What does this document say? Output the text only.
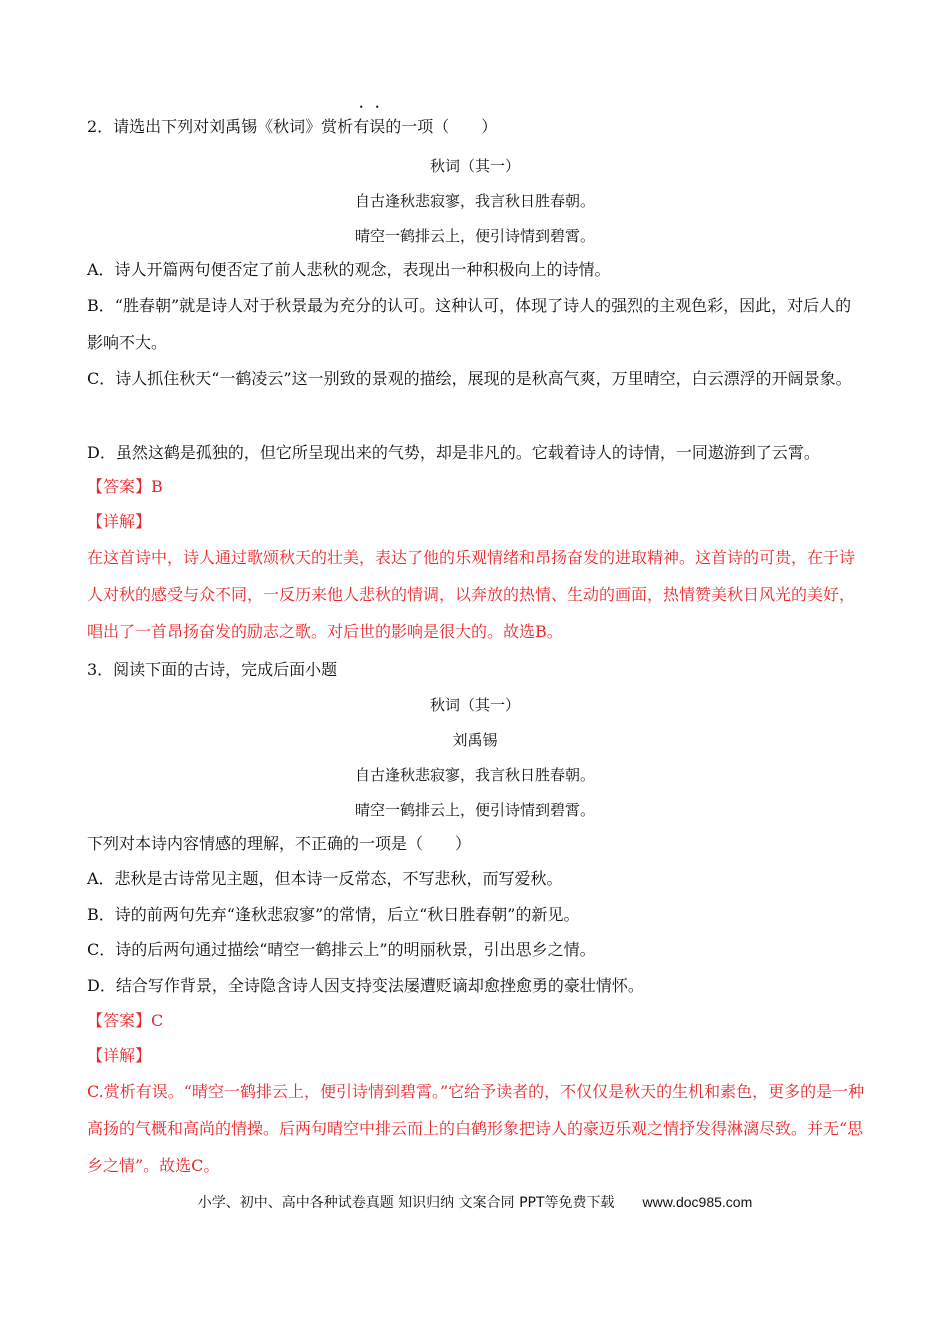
2．请选出下列对刘禹锡《秋词》赏析有误的一项（　　）
秋词（其一）
自古逢秋悲寂寥，我言秋日胜春朝。
晴空一鹤排云上，便引诗情到碧霄。
A．诗人开篇两句便否定了前人悲秋的观念，表现出一种积极向上的诗情。
B．“胜春朝”就是诗人对于秋景最为充分的认可。这种认可，体现了诗人的强烈的主观色彩，因此，对后人的影响不大。
C．诗人抓住秋天“一鹤凌云”这一别致的景观的描绘，展现的是秋高气爽，万里晴空，白云漂浮的开阔景象。
D．虽然这鹤是孤独的，但它所呈现出来的气势，却是非凡的。它载着诗人的诗情，一同遨游到了云霄。
【答案】B
【详解】
在这首诗中，诗人通过歌颂秋天的壮美，表达了他的乐观情绪和昂扬奋发的进取精神。这首诗的可贵，在于诗人对秋的感受与众不同，一反历来他人悲秋的情调，以奔放的热情、生动的画面，热情赞美秋日风光的美好，唱出了一首昂扬奋发的励志之歌。对后世的影响是很大的。故选B。
3．阅读下面的古诗，完成后面小题
秋词（其一）
刘禹锡
自古逢秋悲寂寥，我言秋日胜春朝。
晴空一鹤排云上，便引诗情到碧霄。
下列对本诗内容情感的理解，不正确的一项是（　　）
A．悲秋是古诗常见主题，但本诗一反常态，不写悲秋，而写爱秋。
B．诗的前两句先弃“逢秋悲寂寥”的常情，后立“秋日胜春朝”的新见。
C．诗的后两句通过描绘“晴空一鹤排云上”的明丽秋景，引出思乡之情。
D．结合写作背景，全诗隐含诗人因支持变法屡遭贬谪却愈挫愈勇的豪壮情怀。
【答案】C
【详解】
C.赏析有误。“晴空一鹤排云上，便引诗情到碧霄。”它给予读者的，不仅仅是秋天的生机和素色，更多的是一种高扬的气概和高尚的情操。后两句晴空中排云而上的白鹤形象把诗人的豪迈乐观之情抒发得淋漓尽致。并无“思乡之情”。故选C。
小学、初中、高中各种试卷真题 知识归纳 文案合同 PPT等免费下载 www.doc985.com
